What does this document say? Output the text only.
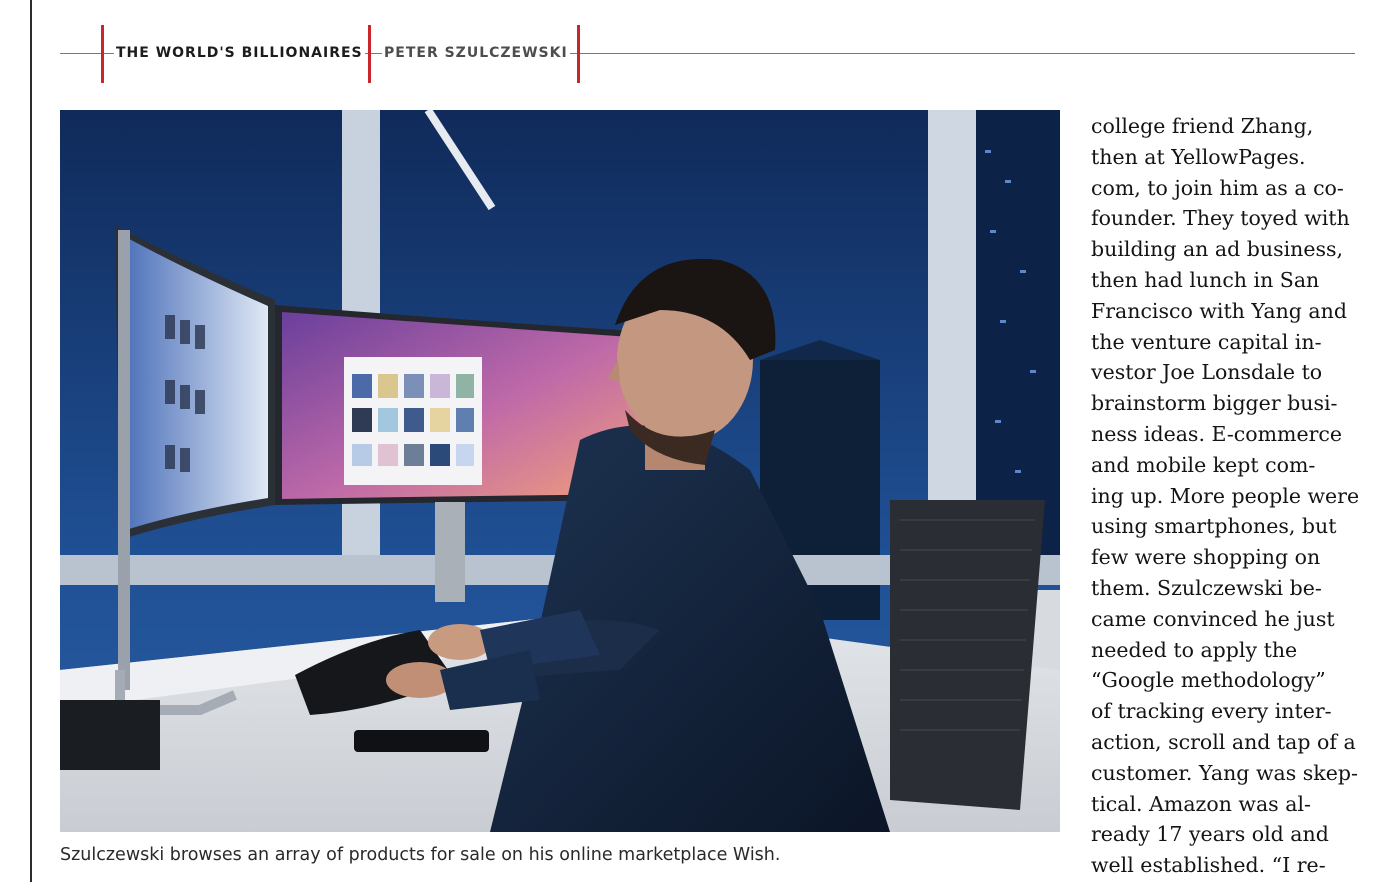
THE WORLD'S BILLIONAIRES PETER SZULCZEWSKI
Szulczewski browses an array of products for sale on his online marketplace Wish.
college friend Zhang,
then at YellowPages.
com, to join him as a co-
founder. They toyed with
building an ad business,
then had lunch in San
Francisco with Yang and
the venture capital in-
vestor Joe Lonsdale to
brainstorm bigger busi-
ness ideas. E-commerce
and mobile kept com-
ing up. More people were
using smartphones, but
few were shopping on
them. Szulczewski be-
came convinced he just
needed to apply the
“Google methodology”
of tracking every inter-
action, scroll and tap of a
customer. Yang was skep-
tical. Amazon was al-
ready 17 years old and
well established. “I re-
